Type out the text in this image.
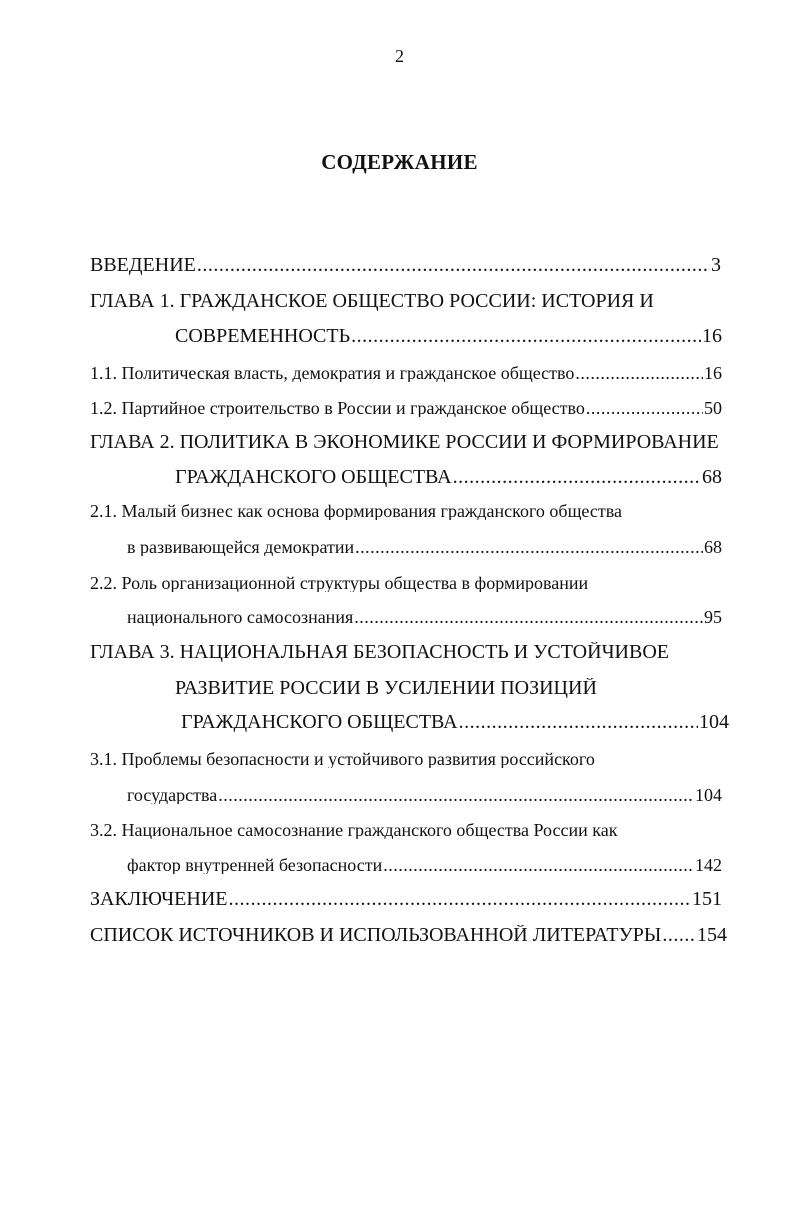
2
СОДЕРЖАНИЕ
ВВЕДЕНИЕ .....	3
ГЛАВА 1. ГРАЖДАНСКОЕ ОБЩЕСТВО РОССИИ: ИСТОРИЯ И
СОВРЕМЕННОСТЬ .....	16
1.1. Политическая власть, демократия и гражданское общество .....	16
1.2. Партийное строительство в России и гражданское общество .....	50
ГЛАВА 2. ПОЛИТИКА В ЭКОНОМИКЕ РОССИИ И ФОРМИРОВАНИЕ
ГРАЖДАНСКОГО ОБЩЕСТВА .....	68
2.1. Малый бизнес как основа формирования гражданского общества
в развивающейся демократии .....	68
2.2. Роль организационной структуры общества в формировании
национального самосознания .....	95
ГЛАВА 3. НАЦИОНАЛЬНАЯ БЕЗОПАСНОСТЬ И УСТОЙЧИВОЕ
РАЗВИТИЕ РОССИИ В УСИЛЕНИИ ПОЗИЦИЙ
ГРАЖДАНСКОГО ОБЩЕСТВА .....	104
3.1. Проблемы безопасности и устойчивого развития российского
государства .....	104
3.2. Национальное самосознание гражданского общества России как
фактор внутренней безопасности .....	142
ЗАКЛЮЧЕНИЕ .....	151
СПИСОК ИСТОЧНИКОВ И ИСПОЛЬЗОВАННОЙ ЛИТЕРАТУРЫ ..... 154
